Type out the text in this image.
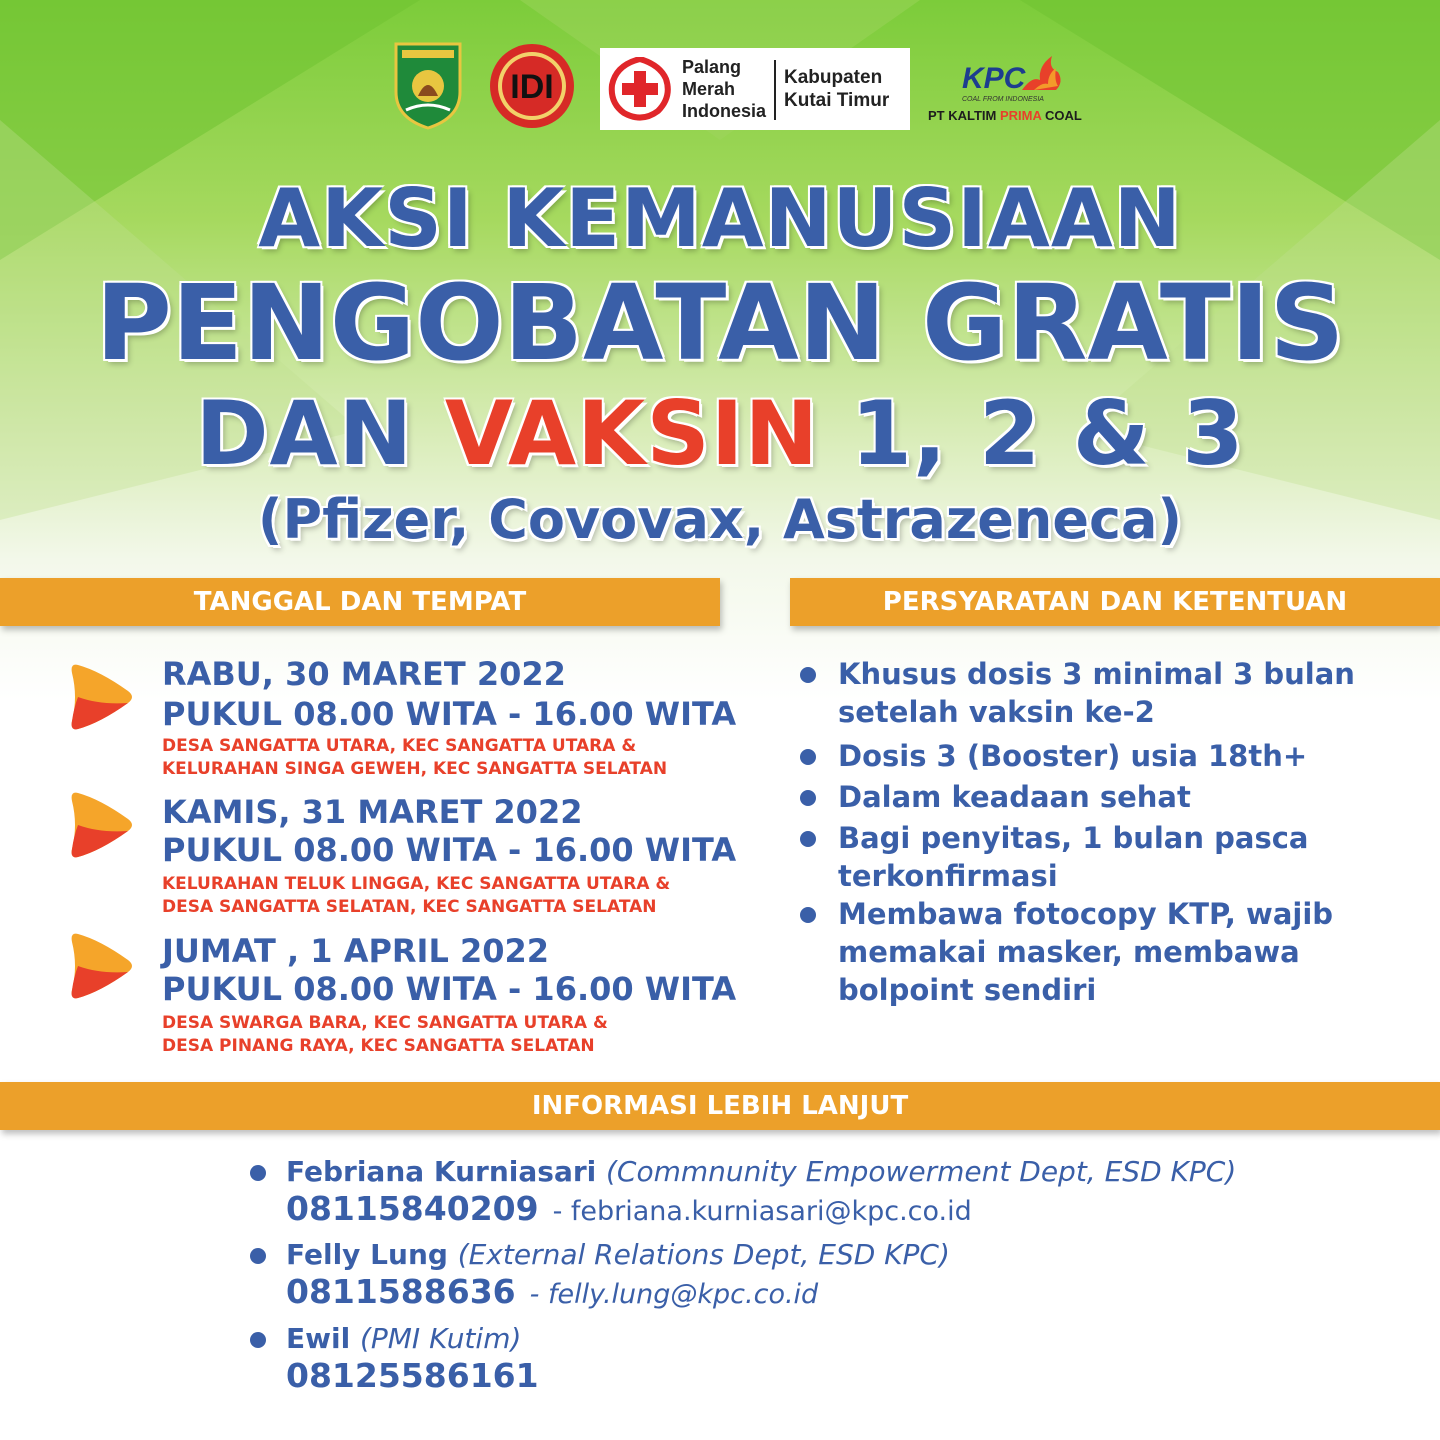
IDI
Palang
Merah
Indonesia
Kabupaten
Kutai Timur
KPC
COAL FROM INDONESIA
PT KALTIM PRIMA COAL
AKSI KEMANUSIAAN
PENGOBATAN GRATIS
DAN VAKSIN 1, 2 & 3
(Pfizer, Covovax, Astrazeneca)
TANGGAL DAN TEMPAT	PERSYARATAN DAN KETENTUAN
RABU, 30 MARET 2022
PUKUL 08.00 WITA - 16.00 WITA
DESA SANGATTA UTARA, KEC SANGATTA UTARA &
KELURAHAN SINGA GEWEH, KEC SANGATTA SELATAN
KAMIS, 31 MARET 2022
PUKUL 08.00 WITA - 16.00 WITA
KELURAHAN TELUK LINGGA, KEC SANGATTA UTARA &
DESA SANGATTA SELATAN, KEC SANGATTA SELATAN
JUMAT , 1 APRIL 2022
PUKUL 08.00 WITA - 16.00 WITA
DESA SWARGA BARA, KEC SANGATTA UTARA &
DESA PINANG RAYA, KEC SANGATTA SELATAN
Khusus dosis 3 minimal 3 bulan setelah vaksin ke-2
Dosis 3 (Booster) usia 18th+
Dalam keadaan sehat
Bagi penyitas, 1 bulan pasca terkonfirmasi
Membawa fotocopy KTP, wajib memakai masker, membawa bolpoint sendiri
INFORMASI LEBIH LANJUT
Febriana Kurniasari (Commnunity Empowerment Dept, ESD KPC)
08115840209 - febriana.kurniasari@kpc.co.id
Felly Lung (External Relations Dept, ESD KPC)
0811588636 - felly.lung@kpc.co.id
Ewil (PMI Kutim)
08125586161
